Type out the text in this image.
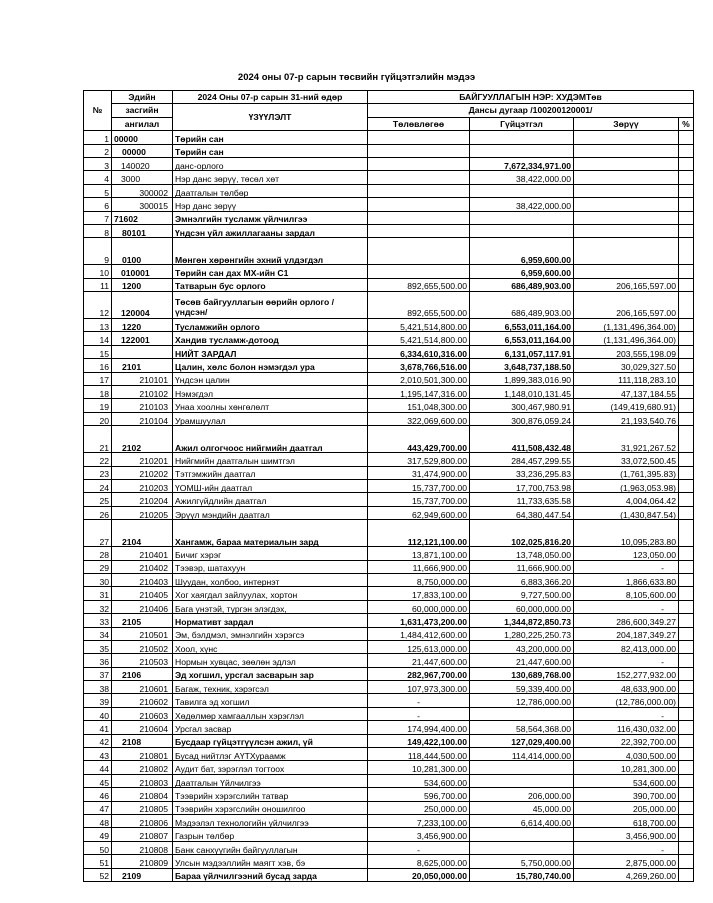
2024 оны 07-р сарын төсвийн гүйцэтгэлийн мэдээ
№	Эдийн	2024 Оны 07-р сарын 31-ний өдөр	БАЙГУУЛЛАГЫН НЭР: ХУДЭМТөв			
	засгийн	ҮЗҮҮЛЭЛТ	Дансы дугаар /100200120001/			
	ангилал		Төлөвлөгөө	Гүйцэтгэл	Зөрүү	%
1	00000	Төрийн сан				
2	00000	Төрийн сан				
3	140020	данс-орлого		7,672,334,971.00		
4	3000	Нэр данс зөрүү, төсөл хөт		38,422,000.00		
5	300002	Даатгалын төлбөр				
6	300015	Нэр данс зөрүү		38,422,000.00		
7	71602	Эмнэлгийн тусламж үйлчилгээ				
8	80101	Үндсэн үйл ажиллагааны зардал				
9	0100	Мөнгөн хөрөнгийн эхний үлдэгдэл		6,959,600.00		
10	010001	Төрийн сан дах МХ-ийн С1		6,959,600.00		
11	1200	Татварын бус орлого	892,655,500.00	686,489,903.00	206,165,597.00	
12	120004	Төсөв байгууллагын өөрийн орлого /үндсэн/	892,655,500.00	686,489,903.00	206,165,597.00	
13	1220	Тусламжийн орлого	5,421,514,800.00	6,553,011,164.00	(1,131,496,364.00)	
14	122001	Хандив тусламж-дотоод	5,421,514,800.00	6,553,011,164.00	(1,131,496,364.00)	
15		НИЙТ ЗАРДАЛ	6,334,610,316.00	6,131,057,117.91	203,555,198.09	
16	2101	Цалин, хөлс болон нэмэгдэл ура	3,678,766,516.00	3,648,737,188.50	30,029,327.50	
17	210101	Үндсэн цалин	2,010,501,300.00	1,899,383,016.90	111,118,283.10	
18	210102	Нэмэгдэл	1,195,147,316.00	1,148,010,131.45	47,137,184.55	
19	210103	Унаа хоолны хөнгөлөлт	151,048,300.00	300,467,980.91	(149,419,680.91)	
20	210104	Урамшуулал	322,069,600.00	300,876,059.24	21,193,540.76	
21	2102	Ажил олгогчоос нийгмийн даатгал	443,429,700.00	411,508,432.48	31,921,267.52	
22	210201	Нийгмийн даатгалын шимтгэл	317,529,800.00	284,457,299.55	33,072,500.45	
23	210202	Тэтгэмжийн даатгал	31,474,900.00	33,236,295.83	(1,761,395.83)	
24	210203	ҮОМШ-ийн даатгал	15,737,700.00	17,700,753.98	(1,963,053.98)	
25	210204	Ажилгүйдлийн даатгал	15,737,700.00	11,733,635.58	4,004,064.42	
26	210205	Эрүүл мэндийн даатгал	62,949,600.00	64,380,447.54	(1,430,847.54)	
27	2104	Хангамж, бараа материалын зард	112,121,100.00	102,025,816.20	10,095,283.80	
28	210401	Бичиг хэрэг	13,871,100.00	13,748,050.00	123,050.00	
29	210402	Тээвэр, шатахуун	11,666,900.00	11,666,900.00	-	
30	210403	Шуудан, холбоо, интернэт	8,750,000.00	6,883,366.20	1,866,633.80	
31	210405	Хог хаягдал зайлуулах, хортон	17,833,100.00	9,727,500.00	8,105,600.00	
32	210406	Бага үнэтэй, түргэн элэгдэх,	60,000,000.00	60,000,000.00	-	
33	2105	Нормативт зардал	1,631,473,200.00	1,344,872,850.73	286,600,349.27	
34	210501	Эм, бэлдмэл, эмнэлгийн хэрэгсэ	1,484,412,600.00	1,280,225,250.73	204,187,349.27	
35	210502	Хоол, хүнс	125,613,000.00	43,200,000.00	82,413,000.00	
36	210503	Нормын хувцас, зөөлөн эдлэл	21,447,600.00	21,447,600.00	-	
37	2106	Эд хогшил, урсгал засварын зар	282,967,700.00	130,689,768.00	152,277,932.00	
38	210601	Багаж, техник, хэрэгсэл	107,973,300.00	59,339,400.00	48,633,900.00	
39	210602	Тавилга эд хогшил	-	12,786,000.00	(12,786,000.00)	
40	210603	Хөдөлмөр хамгааллын хэрэглэл	-		-	
41	210604	Урсгал засвар	174,994,400.00	58,564,368.00	116,430,032.00	
42	2108	Бусдаар гүйцэтгүүлсэн ажил, үй	149,422,100.00	127,029,400.00	22,392,700.00	
43	210801	Бусад нийтлэг АҮТХураамж	118,444,500.00	114,414,000.00	4,030,500.00	
44	210802	Аудит бат, зэрэглэл тогтоох	10,281,300.00		10,281,300.00	
45	210803	Даатгалын Үйлчилгээ	534,600.00		534,600.00	
46	210804	Тээврийн хэрэгслийн татвар	596,700.00	206,000.00	390,700.00	
47	210805	Тээврийн хэрэгслийн оношилгоо	250,000.00	45,000.00	205,000.00	
48	210806	Мэдээлэл технологийн үйлчилгээ	7,233,100.00	6,614,400.00	618,700.00	
49	210807	Газрын төлбөр	3,456,900.00		3,456,900.00	
50	210808	Банк санхүүгийн байгууллагын	-		-	
51	210809	Улсын мэдээллийн маягт хэв, бэ	8,625,000.00	5,750,000.00	2,875,000.00	
52	2109	Бараа үйлчилгээний бусад зарда	20,050,000.00	15,780,740.00	4,269,260.00	
